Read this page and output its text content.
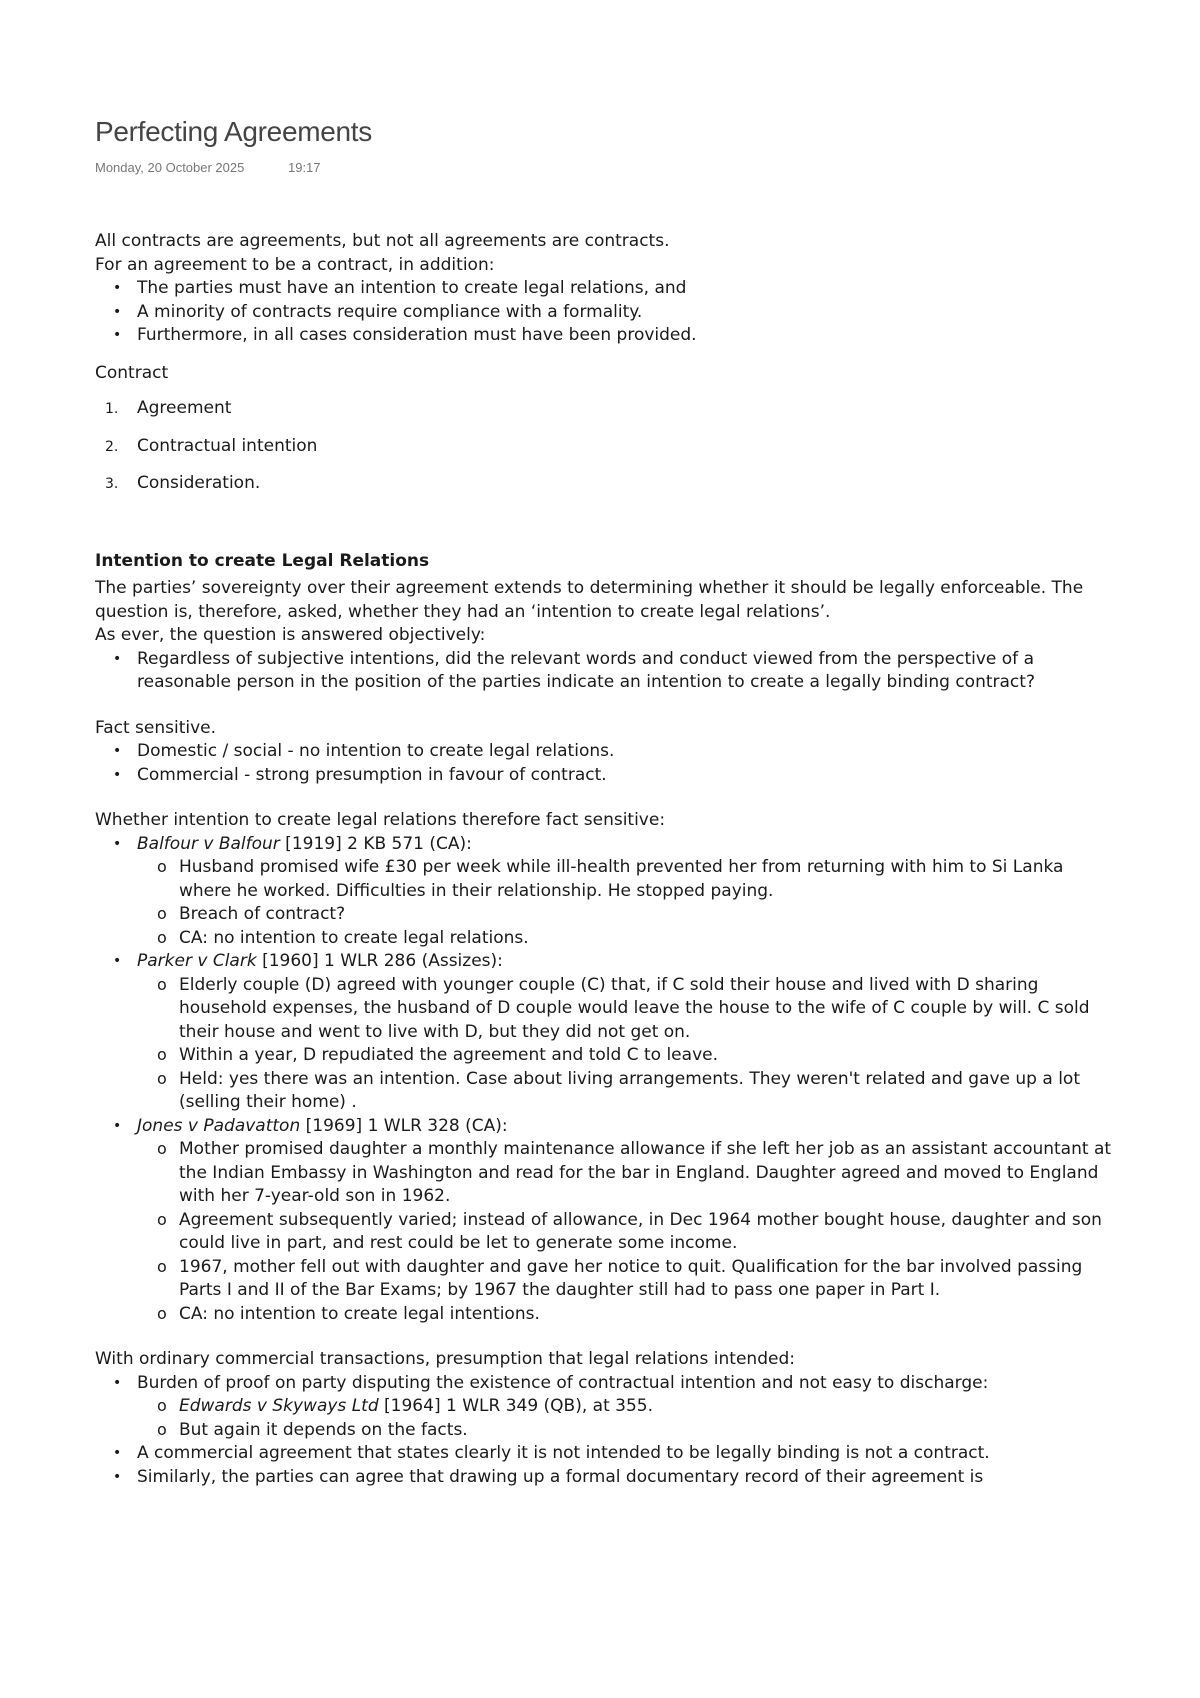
Perfecting Agreements
Monday, 20 October 2025	19:17

All contracts are agreements, but not all agreements are contracts.

For an agreement to be a contract, in addition:

• The parties must have an intention to create legal relations, and
• A minority of contracts require compliance with a formality.
• Furthermore, in all cases consideration must have been provided.

Contract

1. Agreement
2. Contractual intention
3. Consideration.

Intention to create Legal Relations

The parties’ sovereignty over their agreement extends to determining whether it should be legally enforceable. The question is, therefore, asked, whether they had an ‘intention to create legal relations’.

As ever, the question is answered objectively:

• Regardless of subjective intentions, did the relevant words and conduct viewed from the perspective of a reasonable person in the position of the parties indicate an intention to create a legally binding contract?

Fact sensitive.

• Domestic / social - no intention to create legal relations.
• Commercial - strong presumption in favour of contract.

Whether intention to create legal relations therefore fact sensitive:

• Balfour v Balfour [1919] 2 KB 571 (CA):
o Husband promised wife £30 per week while ill-health prevented her from returning with him to Si Lanka where he worked. Difficulties in their relationship. He stopped paying.
o Breach of contract?
o CA: no intention to create legal relations.
• Parker v Clark [1960] 1 WLR 286 (Assizes):
o Elderly couple (D) agreed with younger couple (C) that, if C sold their house and lived with D sharing household expenses, the husband of D couple would leave the house to the wife of C couple by will. C sold their house and went to live with D, but they did not get on.
o Within a year, D repudiated the agreement and told C to leave.
o Held: yes there was an intention. Case about living arrangements. They weren't related and gave up a lot (selling their home) .
• Jones v Padavatton [1969] 1 WLR 328 (CA):
o Mother promised daughter a monthly maintenance allowance if she left her job as an assistant accountant at the Indian Embassy in Washington and read for the bar in England. Daughter agreed and moved to England with her 7-year-old son in 1962.
o Agreement subsequently varied; instead of allowance, in Dec 1964 mother bought house, daughter and son could live in part, and rest could be let to generate some income.
o 1967, mother fell out with daughter and gave her notice to quit. Qualification for the bar involved passing Parts I and II of the Bar Exams; by 1967 the daughter still had to pass one paper in Part I.
o CA: no intention to create legal intentions.

With ordinary commercial transactions, presumption that legal relations intended:

• Burden of proof on party disputing the existence of contractual intention and not easy to discharge:
o Edwards v Skyways Ltd [1964] 1 WLR 349 (QB), at 355.
o But again it depends on the facts.
• A commercial agreement that states clearly it is not intended to be legally binding is not a contract.
• Similarly, the parties can agree that drawing up a formal documentary record of their agreement is
